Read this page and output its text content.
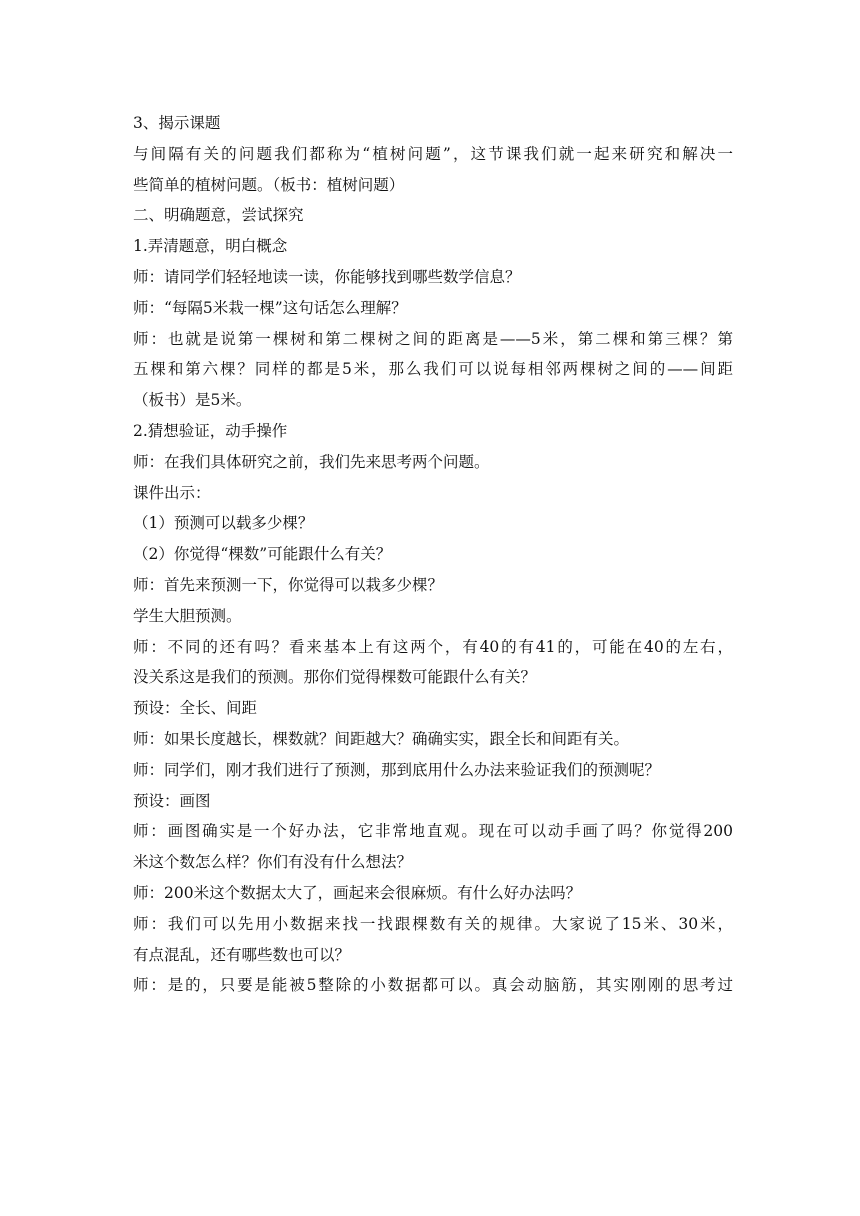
3、揭示课题
与间隔有关的问题我们都称为“植树问题”，这节课我们就一起来研究和解决一
些简单的植树问题。（板书：植树问题）
二、明确题意，尝试探究
1.弄清题意，明白概念
师：请同学们轻轻地读一读，你能够找到哪些数学信息？
师：“每隔5米栽一棵”这句话怎么理解？
师：也就是说第一棵树和第二棵树之间的距离是——5米，第二棵和第三棵？第
五棵和第六棵？同样的都是5米，那么我们可以说每相邻两棵树之间的——间距
（板书）是5米。
2.猜想验证，动手操作
师：在我们具体研究之前，我们先来思考两个问题。
课件出示：
（1）预测可以载多少棵？
（2）你觉得“棵数”可能跟什么有关？
师：首先来预测一下，你觉得可以栽多少棵？
学生大胆预测。
师：不同的还有吗？看来基本上有这两个，有40的有41的，可能在40的左右，
没关系这是我们的预测。那你们觉得棵数可能跟什么有关？
预设：全长、间距
师：如果长度越长，棵数就？间距越大？确确实实，跟全长和间距有关。
师：同学们，刚才我们进行了预测，那到底用什么办法来验证我们的预测呢？
预设：画图
师：画图确实是一个好办法，它非常地直观。现在可以动手画了吗？你觉得200
米这个数怎么样？你们有没有什么想法？
师：200米这个数据太大了，画起来会很麻烦。有什么好办法吗？
师：我们可以先用小数据来找一找跟棵数有关的规律。大家说了15米、30米，
有点混乱，还有哪些数也可以？
师：是的，只要是能被5整除的小数据都可以。真会动脑筋，其实刚刚的思考过
